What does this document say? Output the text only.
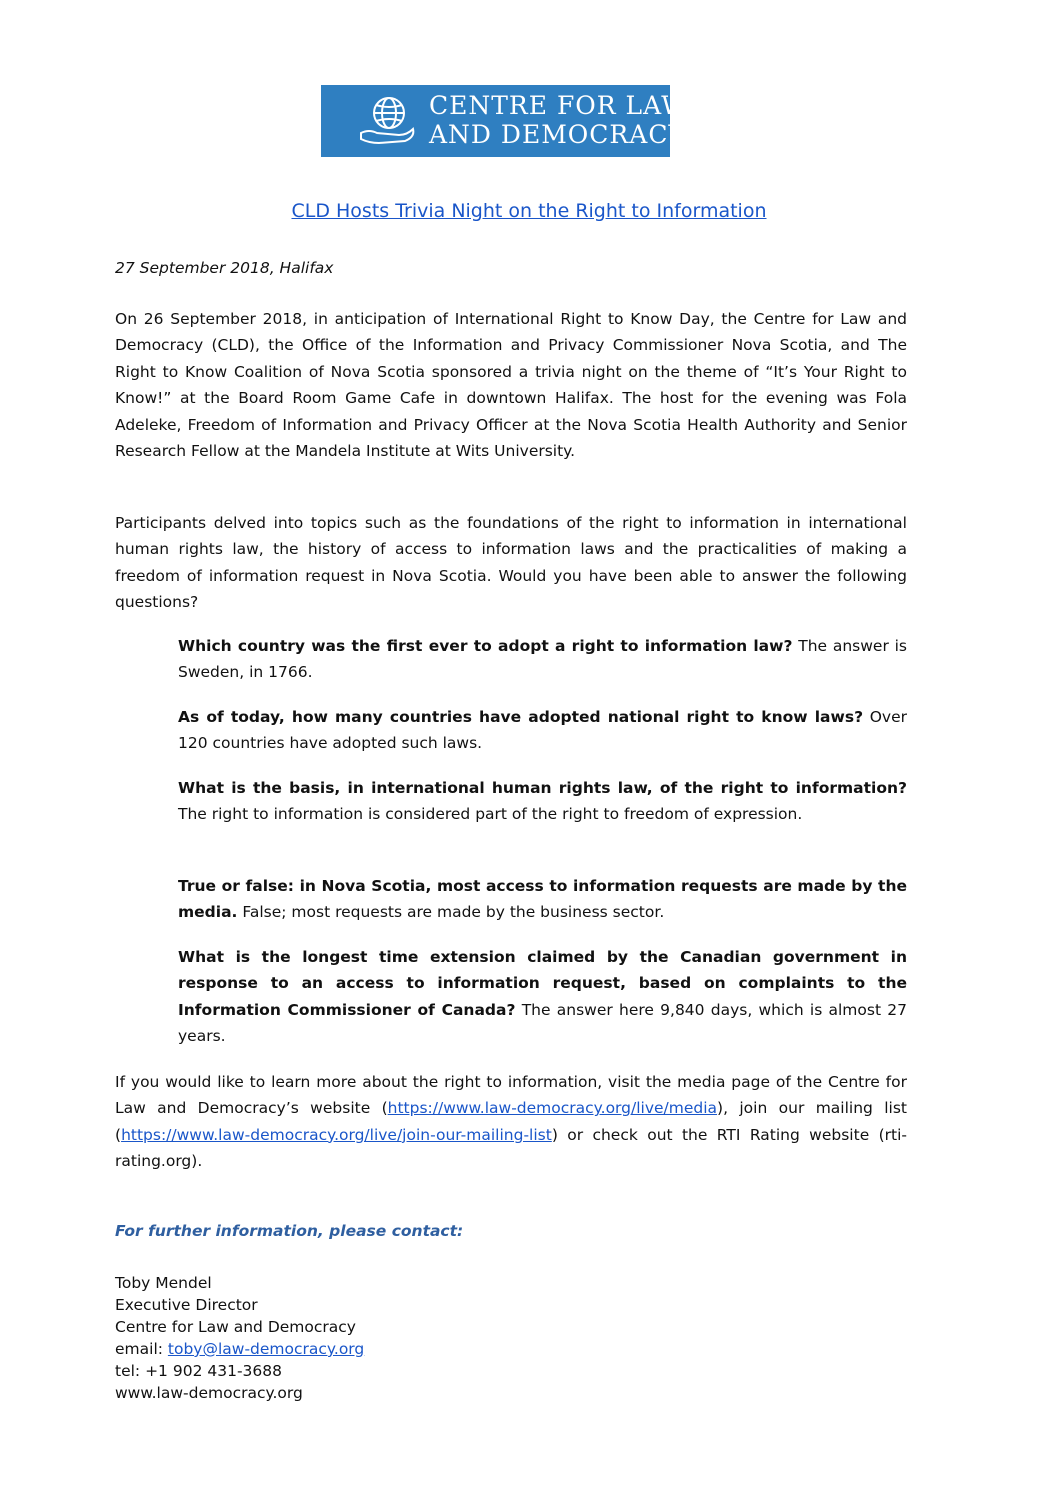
CENTRE FOR LAW
AND DEMOCRACY
CLD Hosts Trivia Night on the Right to Information
27 September 2018, Halifax

On 26 September 2018, in anticipation of International Right to Know Day, the Centre for Law and Democracy (CLD), the Office of the Information and Privacy Commissioner Nova Scotia, and The Right to Know Coalition of Nova Scotia sponsored a trivia night on the theme of “It’s Your Right to Know!” at the Board Room Game Cafe in downtown Halifax. The host for the evening was Fola Adeleke, Freedom of Information and Privacy Officer at the Nova Scotia Health Authority and Senior Research Fellow at the Mandela Institute at Wits University.

Participants delved into topics such as the foundations of the right to information in international human rights law, the history of access to information laws and the practicalities of making a freedom of information request in Nova Scotia. Would you have been able to answer the following questions?

Which country was the first ever to adopt a right to information law? The answer is Sweden, in 1766.

As of today, how many countries have adopted national right to know laws? Over 120 countries have adopted such laws.

What is the basis, in international human rights law, of the right to information? The right to information is considered part of the right to freedom of expression.

True or false: in Nova Scotia, most access to information requests are made by the media. False; most requests are made by the business sector.

What is the longest time extension claimed by the Canadian government in response to an access to information request, based on complaints to the Information Commissioner of Canada? The answer here 9,840 days, which is almost 27 years.

If you would like to learn more about the right to information, visit the media page of the Centre for Law and Democracy’s website (https://www.law-democracy.org/live/media), join our mailing list (https://www.law-democracy.org/live/join-our-mailing-list) or check out the RTI Rating website (rti-rating.org).

For further information, please contact:
Toby Mendel
Executive Director
Centre for Law and Democracy
email: toby@law-democracy.org
tel: +1 902 431-3688
www.law-democracy.org
